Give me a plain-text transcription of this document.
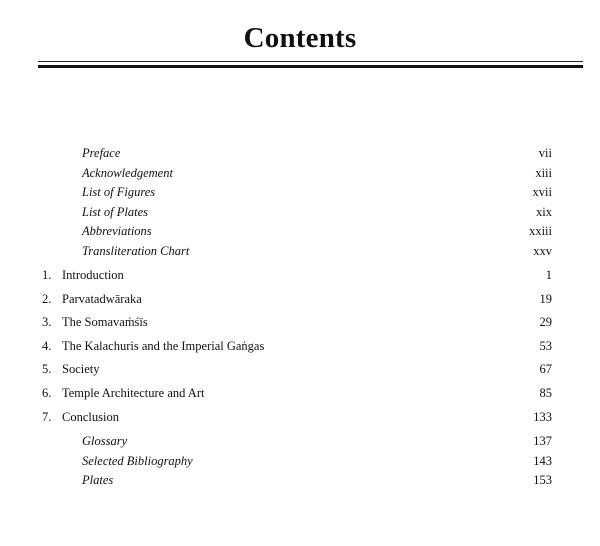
Contents
Preface	vii
Acknowledgement	xiii
List of Figures	xvii
List of Plates	xix
Abbreviations	xxiii
Transliteration Chart	xxv
1. Introduction	1
2. Parvatadwāraka	19
3. The Somavaṁśīs	29
4. The Kalachuris and the Imperial Gaṅgas	53
5. Society	67
6. Temple Architecture and Art	85
7. Conclusion	133
Glossary	137
Selected Bibliography	143
Plates	153
